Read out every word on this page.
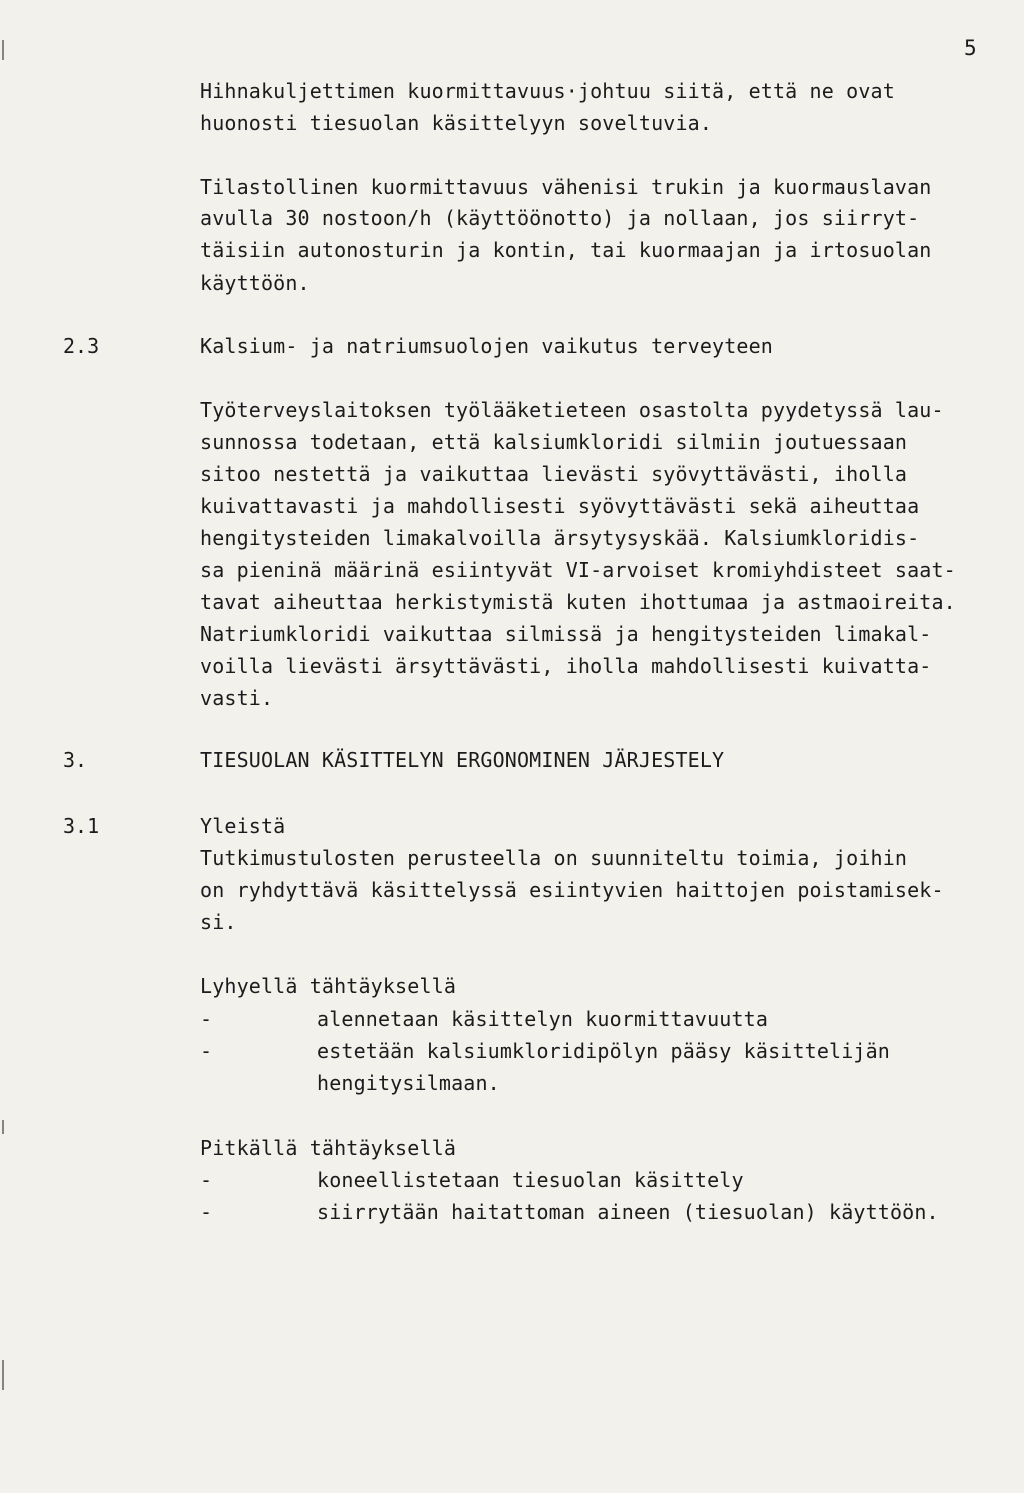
5
Hihnakuljettimen kuormittavuus·johtuu siitä, että ne ovat
huonosti tiesuolan käsittelyyn soveltuvia.
Tilastollinen kuormittavuus vähenisi trukin ja kuormauslavan
avulla 30 nostoon/h (käyttöönotto) ja nollaan, jos siirryt-
täisiin autonosturin ja kontin, tai kuormaajan ja irtosuolan
käyttöön.
2.3	Kalsium- ja natriumsuolojen vaikutus terveyteen
Työterveyslaitoksen työlääketieteen osastolta pyydetyssä lau-
sunnossa todetaan, että kalsiumkloridi silmiin joutuessaan
sitoo nestettä ja vaikuttaa lievästi syövyttävästi, iholla
kuivattavasti ja mahdollisesti syövyttävästi sekä aiheuttaa
hengitysteiden limakalvoilla ärsytysyskää. Kalsiumkloridis-
sa pieninä määrinä esiintyvät VI-arvoiset kromiyhdisteet saat-
tavat aiheuttaa herkistymistä kuten ihottumaa ja astmaoireita.
Natriumkloridi vaikuttaa silmissä ja hengitysteiden limakal-
voilla lievästi ärsyttävästi, iholla mahdollisesti kuivatta-
vasti.
3.	TIESUOLAN KÄSITTELYN ERGONOMINEN JÄRJESTELY
3.1	Yleistä
Tutkimustulosten perusteella on suunniteltu toimia, joihin
on ryhdyttävä käsittelyssä esiintyvien haittojen poistamisek-
si.
Lyhyellä tähtäyksellä
-	alennetaan käsittelyn kuormittavuutta
-	estetään kalsiumkloridipölyn pääsy käsittelijän
hengitysilmaan.
Pitkällä tähtäyksellä
-	koneellistetaan tiesuolan käsittely
-	siirrytään haitattoman aineen (tiesuolan) käyttöön.
